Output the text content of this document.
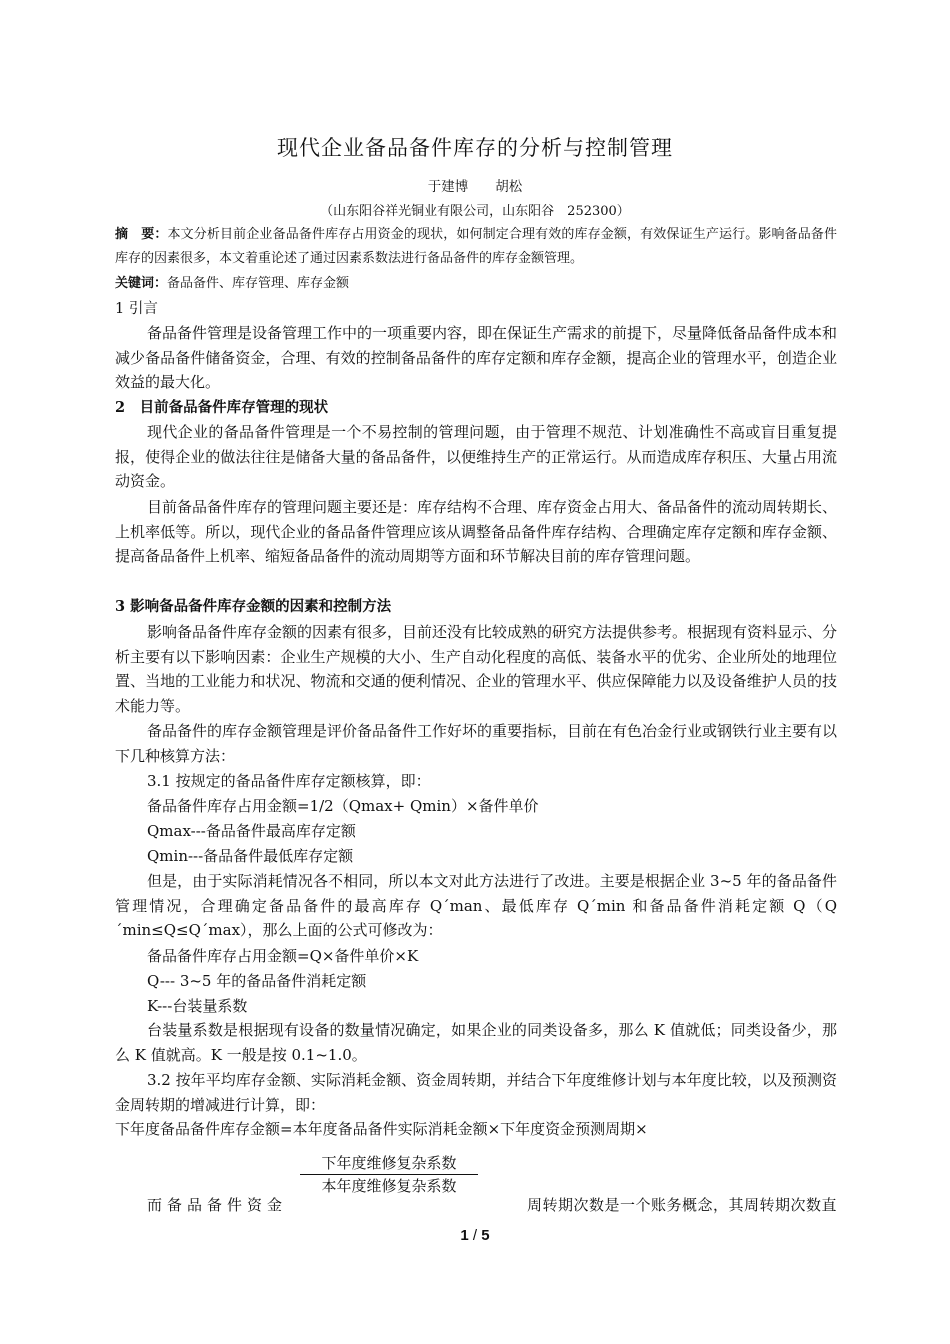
现代企业备品备件库存的分析与控制管理
于建博　　胡松
（山东阳谷祥光铜业有限公司，山东阳谷　252300）
摘　要：本文分析目前企业备品备件库存占用资金的现状，如何制定合理有效的库存金额，有效保证生产运行。影响备品备件库存的因素很多，本文着重论述了通过因素系数法进行备品备件的库存金额管理。
关键词：备品备件、库存管理、库存金额
1 引言
备品备件管理是设备管理工作中的一项重要内容，即在保证生产需求的前提下，尽量降低备品备件成本和减少备品备件储备资金，合理、有效的控制备品备件的库存定额和库存金额，提高企业的管理水平，创造企业效益的最大化。
2　目前备品备件库存管理的现状
现代企业的备品备件管理是一个不易控制的管理问题，由于管理不规范、计划准确性不高或盲目重复提报，使得企业的做法往往是储备大量的备品备件，以便维持生产的正常运行。从而造成库存积压、大量占用流动资金。
目前备品备件库存的管理问题主要还是：库存结构不合理、库存资金占用大、备品备件的流动周转期长、上机率低等。所以，现代企业的备品备件管理应该从调整备品备件库存结构、合理确定库存定额和库存金额、提高备品备件上机率、缩短备品备件的流动周期等方面和环节解决目前的库存管理问题。
3 影响备品备件库存金额的因素和控制方法
影响备品备件库存金额的因素有很多，目前还没有比较成熟的研究方法提供参考。根据现有资料显示、分析主要有以下影响因素：企业生产规模的大小、生产自动化程度的高低、装备水平的优劣、企业所处的地理位置、当地的工业能力和状况、物流和交通的便利情况、企业的管理水平、供应保障能力以及设备维护人员的技术能力等。
备品备件的库存金额管理是评价备品备件工作好坏的重要指标，目前在有色冶金行业或钢铁行业主要有以下几种核算方法：
3.1 按规定的备品备件库存定额核算，即：
备品备件库存占用金额=1/2（Qmax+ Qmin）×备件单价
Qmax---备品备件最高库存定额
Qmin---备品备件最低库存定额
但是，由于实际消耗情况各不相同，所以本文对此方法进行了改进。主要是根据企业 3~5 年的备品备件管理情况，合理确定备品备件的最高库存 Q´man、最低库存 Q´min 和备品备件消耗定额 Q（Q´min≤Q≤Q´max），那么上面的公式可修改为：
备品备件库存占用金额=Q×备件单价×K
Q--- 3~5 年的备品备件消耗定额
K---台装量系数
台装量系数是根据现有设备的数量情况确定，如果企业的同类设备多，那么 K 值就低；同类设备少，那么 K 值就高。K 一般是按 0.1~1.0。
3.2 按年平均库存金额、实际消耗金额、资金周转期，并结合下年度维修计划与本年度比较，以及预测资金周转期的增减进行计算，即：
下年度备品备件库存金额=本年度备品备件实际消耗金额×下年度资金预测周期×
下年度维修复杂系数
本年度维修复杂系数
而备品备件资金	周转期次数是一个账务概念，其周转期次数直
1 / 5
